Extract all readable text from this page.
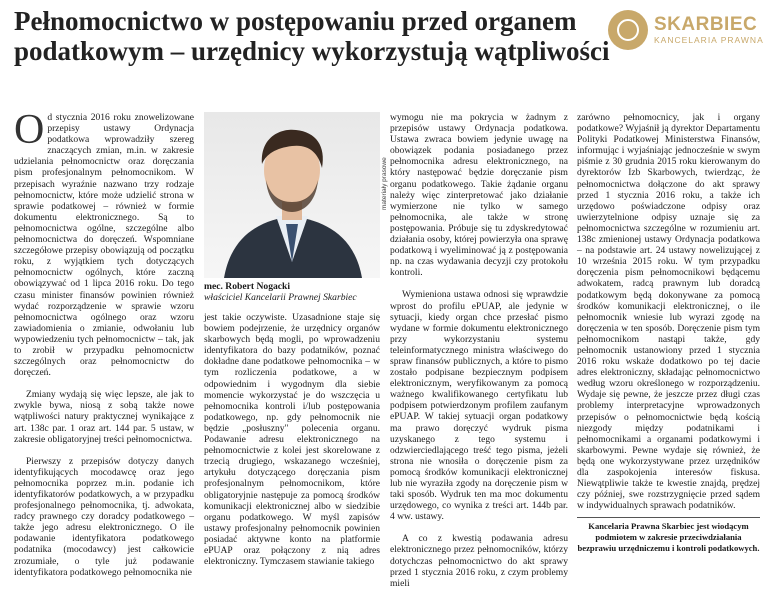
Pełnomocnictwo w postępowaniu przed organem podatkowym – urzędnicy wykorzystują wątpliwości
SKARBIEC
KANCELARIA PRAWNA

Od stycznia 2016 roku znowelizowane przepisy ustawy Ordynacja podatkowa wprowadziły szereg znaczących zmian, m.in. w zakresie udzielania pełnomocnictw oraz doręczania pism profesjonalnym pełnomocnikom. W przepisach wyraźnie nazwano trzy rodzaje pełnomocnictw, które może udzielić strona w sprawie podatkowej – również w formie dokumentu elektronicznego. Są to pełnomocnictwa ogólne, szczególne albo pełnomocnictwa do doręczeń. Wspomniane szczegółowe przepisy obowiązują od początku roku, z wyjątkiem tych dotyczących pełnomocnictw ogólnych, które zaczną obowiązywać od 1 lipca 2016 roku. Do tego czasu minister finansów powinien również wydać rozporządzenie w sprawie wzoru pełnomocnictwa ogólnego oraz wzoru zawiadomienia o zmianie, odwołaniu lub wypowiedzeniu tych pełnomocnictw – tak, jak to zrobił w przypadku pełnomocnictw szczególnych oraz pełnomocnictw do doręczeń.

Zmiany wydają się więc lepsze, ale jak to zwykle bywa, niosą z sobą także nowe wątpliwości natury praktycznej wynikające z art. 138c par. 1 oraz art. 144 par. 5 ustaw, w zakresie obligatoryjnej treści pełnomocnictwa.

Pierwszy z przepisów dotyczy danych identyfikujących mocodawcę oraz jego pełnomocnika poprzez m.in. podanie ich identyfikatorów podatkowych, a w przypadku profesjonalnego pełnomocnika, tj. adwokata, radcy prawnego czy doradcy podatkowego – także jego adresu elektronicznego. O ile podawanie identyfikatora podatkowego podatnika (mocodawcy) jest całkowicie zrozumiałe, o tyle już podawanie identyfikatora podatkowego pełnomocnika nie

materiały prasowe
mec. Robert Nogacki
właściciel Kancelarii Prawnej Skarbiec

jest takie oczywiste. Uzasadnione staje się bowiem podejrzenie, że urzędnicy organów skarbowych będą mogli, po wprowadzeniu identyfikatora do bazy podatników, poznać dokładne dane podatkowe pełnomocnika – w tym rozliczenia podatkowe, a w odpowiednim i wygodnym dla siebie momencie wykorzystać je do wszczęcia u pełnomocnika kontroli i/lub postępowania podatkowego, np. gdy pełnomocnik nie będzie „posłuszny" polecenia organu. Podawanie adresu elektronicznego na pełnomocnictwie z kolei jest skorelowane z trzecią drugiego, wskazanego wcześniej, artykułu dotyczącego doręczania pism profesjonalnym pełnomocnikom, które obligatoryjnie następuje za pomocą środków komunikacji elektronicznej albo w siedzibie organu podatkowego. W myśl zapisów ustawy profesjonalny pełnomocnik powinien posiadać aktywne konto na platformie ePUAP oraz połączony z nią adres elektroniczny. Tymczasem stawianie takiego

wymogu nie ma pokrycia w żadnym z przepisów ustawy Ordynacja podatkowa. Ustawa zwraca bowiem jedynie uwagę na obowiązek podania posiadanego przez pełnomocnika adresu elektronicznego, na który następować będzie doręczanie pism organu podatkowego. Takie żądanie organu należy więc zinterpretować jako działanie wymierzone nie tylko w samego pełnomocnika, ale także w stronę postępowania. Próbuje się tu zdyskredytować działania osoby, której powierzyła ona sprawę podatkową i wyeliminować ją z postępowania np. na czas wydawania decyzji czy protokołu kontroli.

Wymieniona ustawa odnosi się wprawdzie wprost do profilu ePUAP, ale jedynie w sytuacji, kiedy organ chce przesłać pismo wydane w formie dokumentu elektronicznego przy wykorzystaniu systemu teleinformatycznego ministra właściwego do spraw finansów publicznych, a które to pismo zostało podpisane bezpiecznym podpisem elektronicznym, weryfikowanym za pomocą ważnego kwalifikowanego certyfikatu lub podpisem potwierdzonym profilem zaufanym ePUAP. W takiej sytuacji organ podatkowy ma prawo doręczyć wydruk pisma uzyskanego z tego systemu i odzwierciedlającego treść tego pisma, jeżeli strona nie wnosiła o doręczenie pism za pomocą środków komunikacji elektronicznej lub nie wyraziła zgody na doręczenie pism w taki sposób. Wydruk ten ma moc dokumentu urzędowego, co wynika z treści art. 144b par. 4 ww. ustawy.

A co z kwestią podawania adresu elektronicznego przez pełnomocników, którzy dotychczas pełnomocnictwo do akt sprawy przed 1 stycznia 2016 roku, z czym problemy mieli

zarówno pełnomocnicy, jak i organy podatkowe? Wyjaśnił ją dyrektor Departamentu Polityki Podatkowej Ministerstwa Finansów, informując i wyjaśniając jednocześnie w swym piśmie z 30 grudnia 2015 roku kierowanym do dyrektorów Izb Skarbowych, twierdząc, że pełnomocnictwa dołączone do akt sprawy przed 1 stycznia 2016 roku, a także ich urzędowo poświadczone odpisy oraz uwierzytelnione odpisy uznaje się za pełnomocnictwa szczególne w rozumieniu art. 138c zmienionej ustawy Ordynacja podatkowa – na podstawie art. 24 ustawy nowelizującej z 10 września 2015 roku. W tym przypadku doręczenia pism pełnomocnikowi będącemu adwokatem, radcą prawnym lub doradcą podatkowym będą dokonywane za pomocą środków komunikacji elektronicznej, o ile pełnomocnik wniesie lub wyrazi zgodę na doręczenia w ten sposób. Doręczenie pism tym pełnomocnikom nastąpi także, gdy pełnomocnik ustanowiony przed 1 stycznia 2016 roku wskaże dodatkowo po tej dacie adres elektroniczny, składając pełnomocnictwo według wzoru określonego w rozporządzeniu. Wydaje się pewne, że jeszcze przez długi czas problemy interpretacyjne wprowadzonych przepisów o pełnomocnictwie będą kością niezgody między podatnikami i pełnomocnikami a organami podatkowymi i skarbowymi. Pewne wydaje się również, że będą one wykorzystywane przez urzędników dla zaspokojenia interesów fiskusa. Niewątpliwie także te kwestie znajdą, prędzej czy później, swe rozstrzygnięcie przed sądem w indywidualnych sprawach podatników.

Kancelaria Prawna Skarbiec jest wiodącym podmiotem w zakresie przeciwdziałania bezprawiu urzędniczemu i kontroli podatkowych.
